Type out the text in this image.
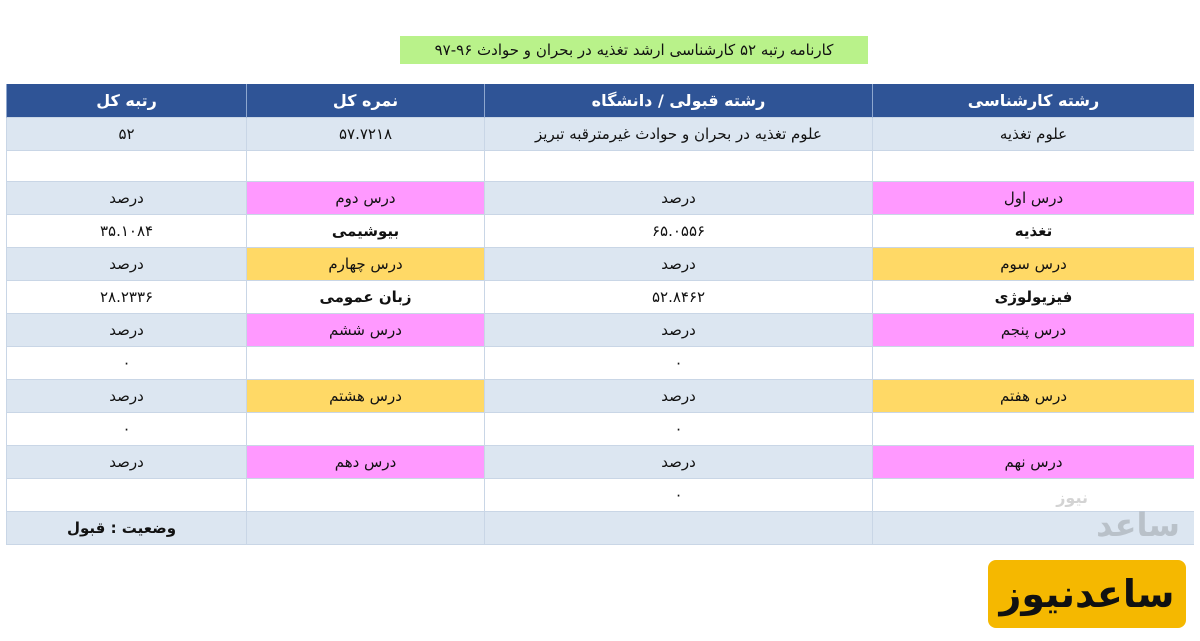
کارنامه رتبه ۵۲ کارشناسی ارشد تغذیه در بحران و حوادث ۹۶-۹۷
رشته کارشناسی
رشته قبولی / دانشگاه
نمره کل
رتبه کل
علوم تغذیه
علوم تغذیه در بحران و حوادث غیرمترقبه تبریز
۵۷.۷۲۱۸
۵۲
درس اول
درصد
درس دوم
درصد
تغذیه
۶۵.۰۵۵۶
بیوشیمی
۳۵.۱۰۸۴
درس سوم
درصد
درس چهارم
درصد
فیزیولوژی
۵۲.۸۴۶۲
زبان عمومی
۲۸.۲۳۳۶
درس پنجم
درصد
درس ششم
درصد
۰
۰
درس هفتم
درصد
درس هشتم
درصد
۰
۰
درس نهم
درصد
درس دهم
درصد
۰
وضعیت : قبول
نیوز
ساعد
ساعدنیوز
